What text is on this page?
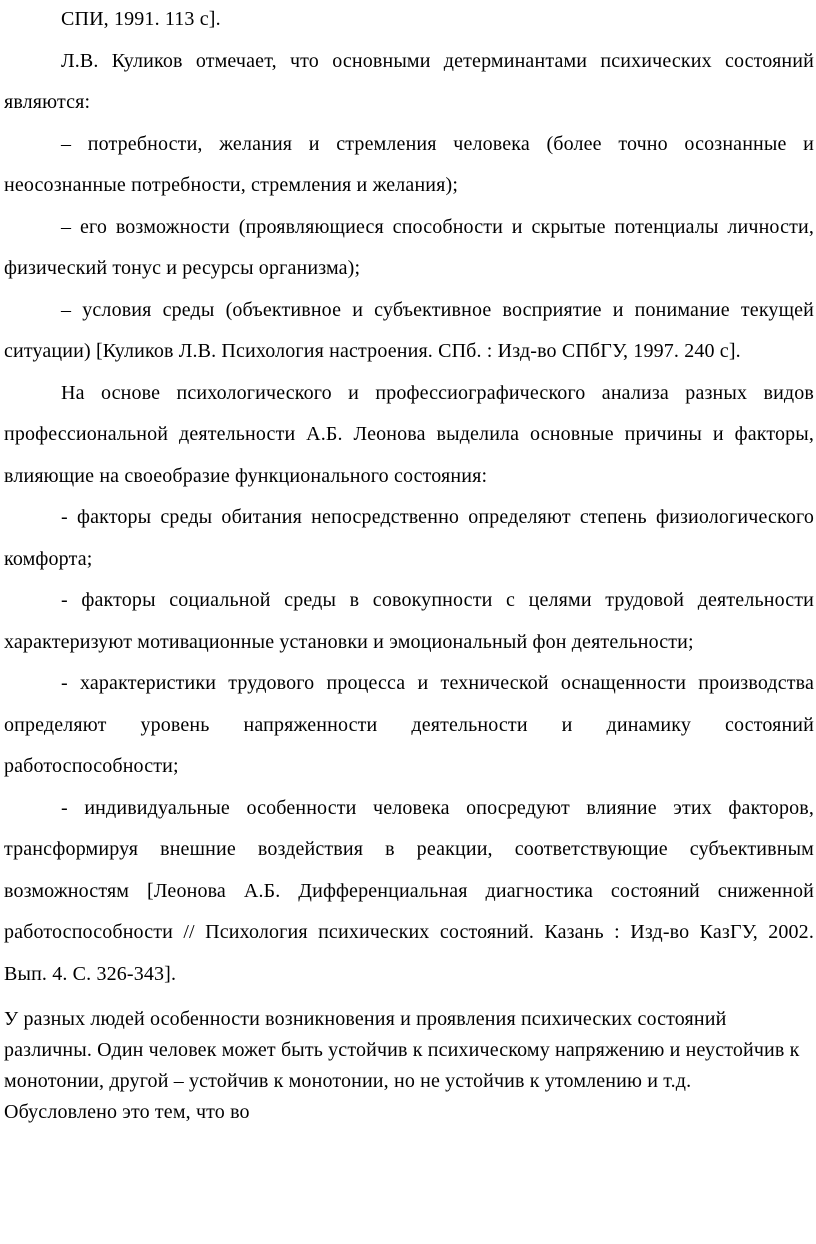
СПИ, 1991. 113 с].

Л.В. Куликов отмечает, что основными детерминантами психических состояний являются:

– потребности, желания и стремления человека (более точно осознанные и неосознанные потребности, стремления и желания);

– его возможности (проявляющиеся способности и скрытые потенциалы личности, физический тонус и ресурсы организма);

– условия среды (объективное и субъективное восприятие и понимание текущей ситуации) [Куликов Л.В. Психология настроения. СПб. : Изд-во СПбГУ, 1997. 240 с].

На основе психологического и профессиографического анализа разных видов профессиональной деятельности А.Б. Леонова выделила основные причины и факторы, влияющие на своеобразие функционального состояния:

- факторы среды обитания непосредственно определяют степень физиологического комфорта;

- факторы социальной среды в совокупности с целями трудовой деятельности характеризуют мотивационные установки и эмоциональный фон деятельности;

- характеристики трудового процесса и технической оснащенности производства определяют уровень напряженности деятельности и динамику состояний работоспособности;

- индивидуальные особенности человека опосредуют влияние этих факторов, трансформируя внешние воздействия в реакции, соответствующие субъективным возможностям [Леонова А.Б. Дифференциальная диагностика состояний сниженной работоспособности // Психология психических состояний. Казань : Изд-во КазГУ, 2002. Вып. 4. С. 326-343].

У разных людей особенности возникновения и проявления психических состояний различны. Один человек может быть устойчив к психическому напряжению и неустойчив к монотонии, другой – устойчив к монотонии, но не устойчив к утомлению и т.д. Обусловлено это тем, что во
